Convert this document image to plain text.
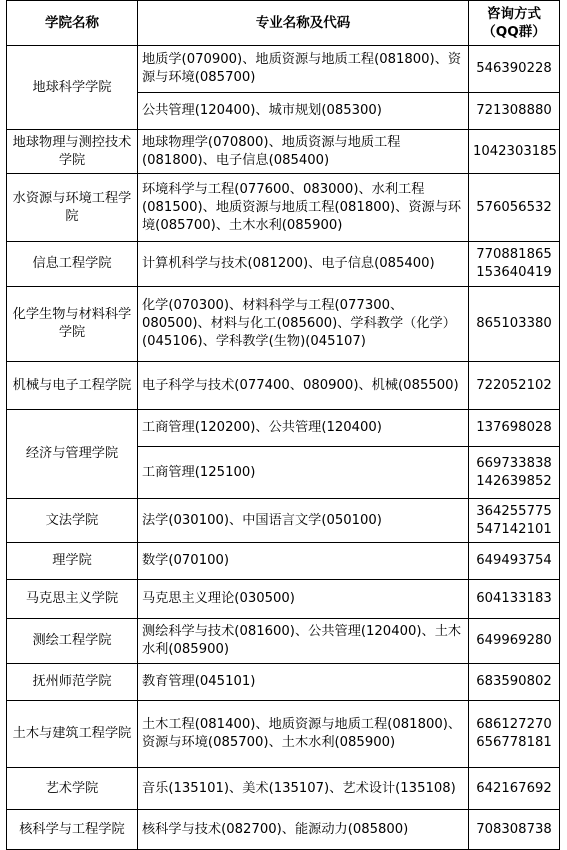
学院名称	专业名称及代码	咨询方式
（QQ群）

地球科学学院	地质学(070900)、地质资源与地质工程(081800)、资源与环境(085700)	546390228

	公共管理(120400)、城市规划(085300)	721308880

地球物理与测控技术学院	地球物理学(070800)、地质资源与地质工程(081800)、电子信息(085400)	1042303185

水资源与环境工程学院	环境科学与工程(077600、083000)、水利工程(081500)、地质资源与地质工程(081800)、资源与环境(085700)、土木水利(085900)	576056532

信息工程学院	计算机科学与技术(081200)、电子信息(085400)	770881865
153640419

化学生物与材料科学学院	化学(070300)、材料科学与工程(077300、080500)、材料与化工(085600)、学科教学（化学）(045106)、学科教学(生物)(045107)	865103380

机械与电子工程学院	电子科学与技术(077400、080900)、机械(085500)	722052102

经济与管理学院	工商管理(120200)、公共管理(120400)	137698028

	工商管理(125100)	669733838
142639852

文法学院	法学(030100)、中国语言文学(050100)	364255775
547142101

理学院	数学(070100)	649493754

马克思主义学院	马克思主义理论(030500)	604133183

测绘工程学院	测绘科学与技术(081600)、公共管理(120400)、土木水利(085900)	649969280

抚州师范学院	教育管理(045101)	683590802

土木与建筑工程学院	土木工程(081400)、地质资源与地质工程(081800)、资源与环境(085700)、土木水利(085900)	686127270
656778181

艺术学院	音乐(135101)、美术(135107)、艺术设计(135108)	642167692

核科学与工程学院	核科学与技术(082700)、能源动力(085800)	708308738
